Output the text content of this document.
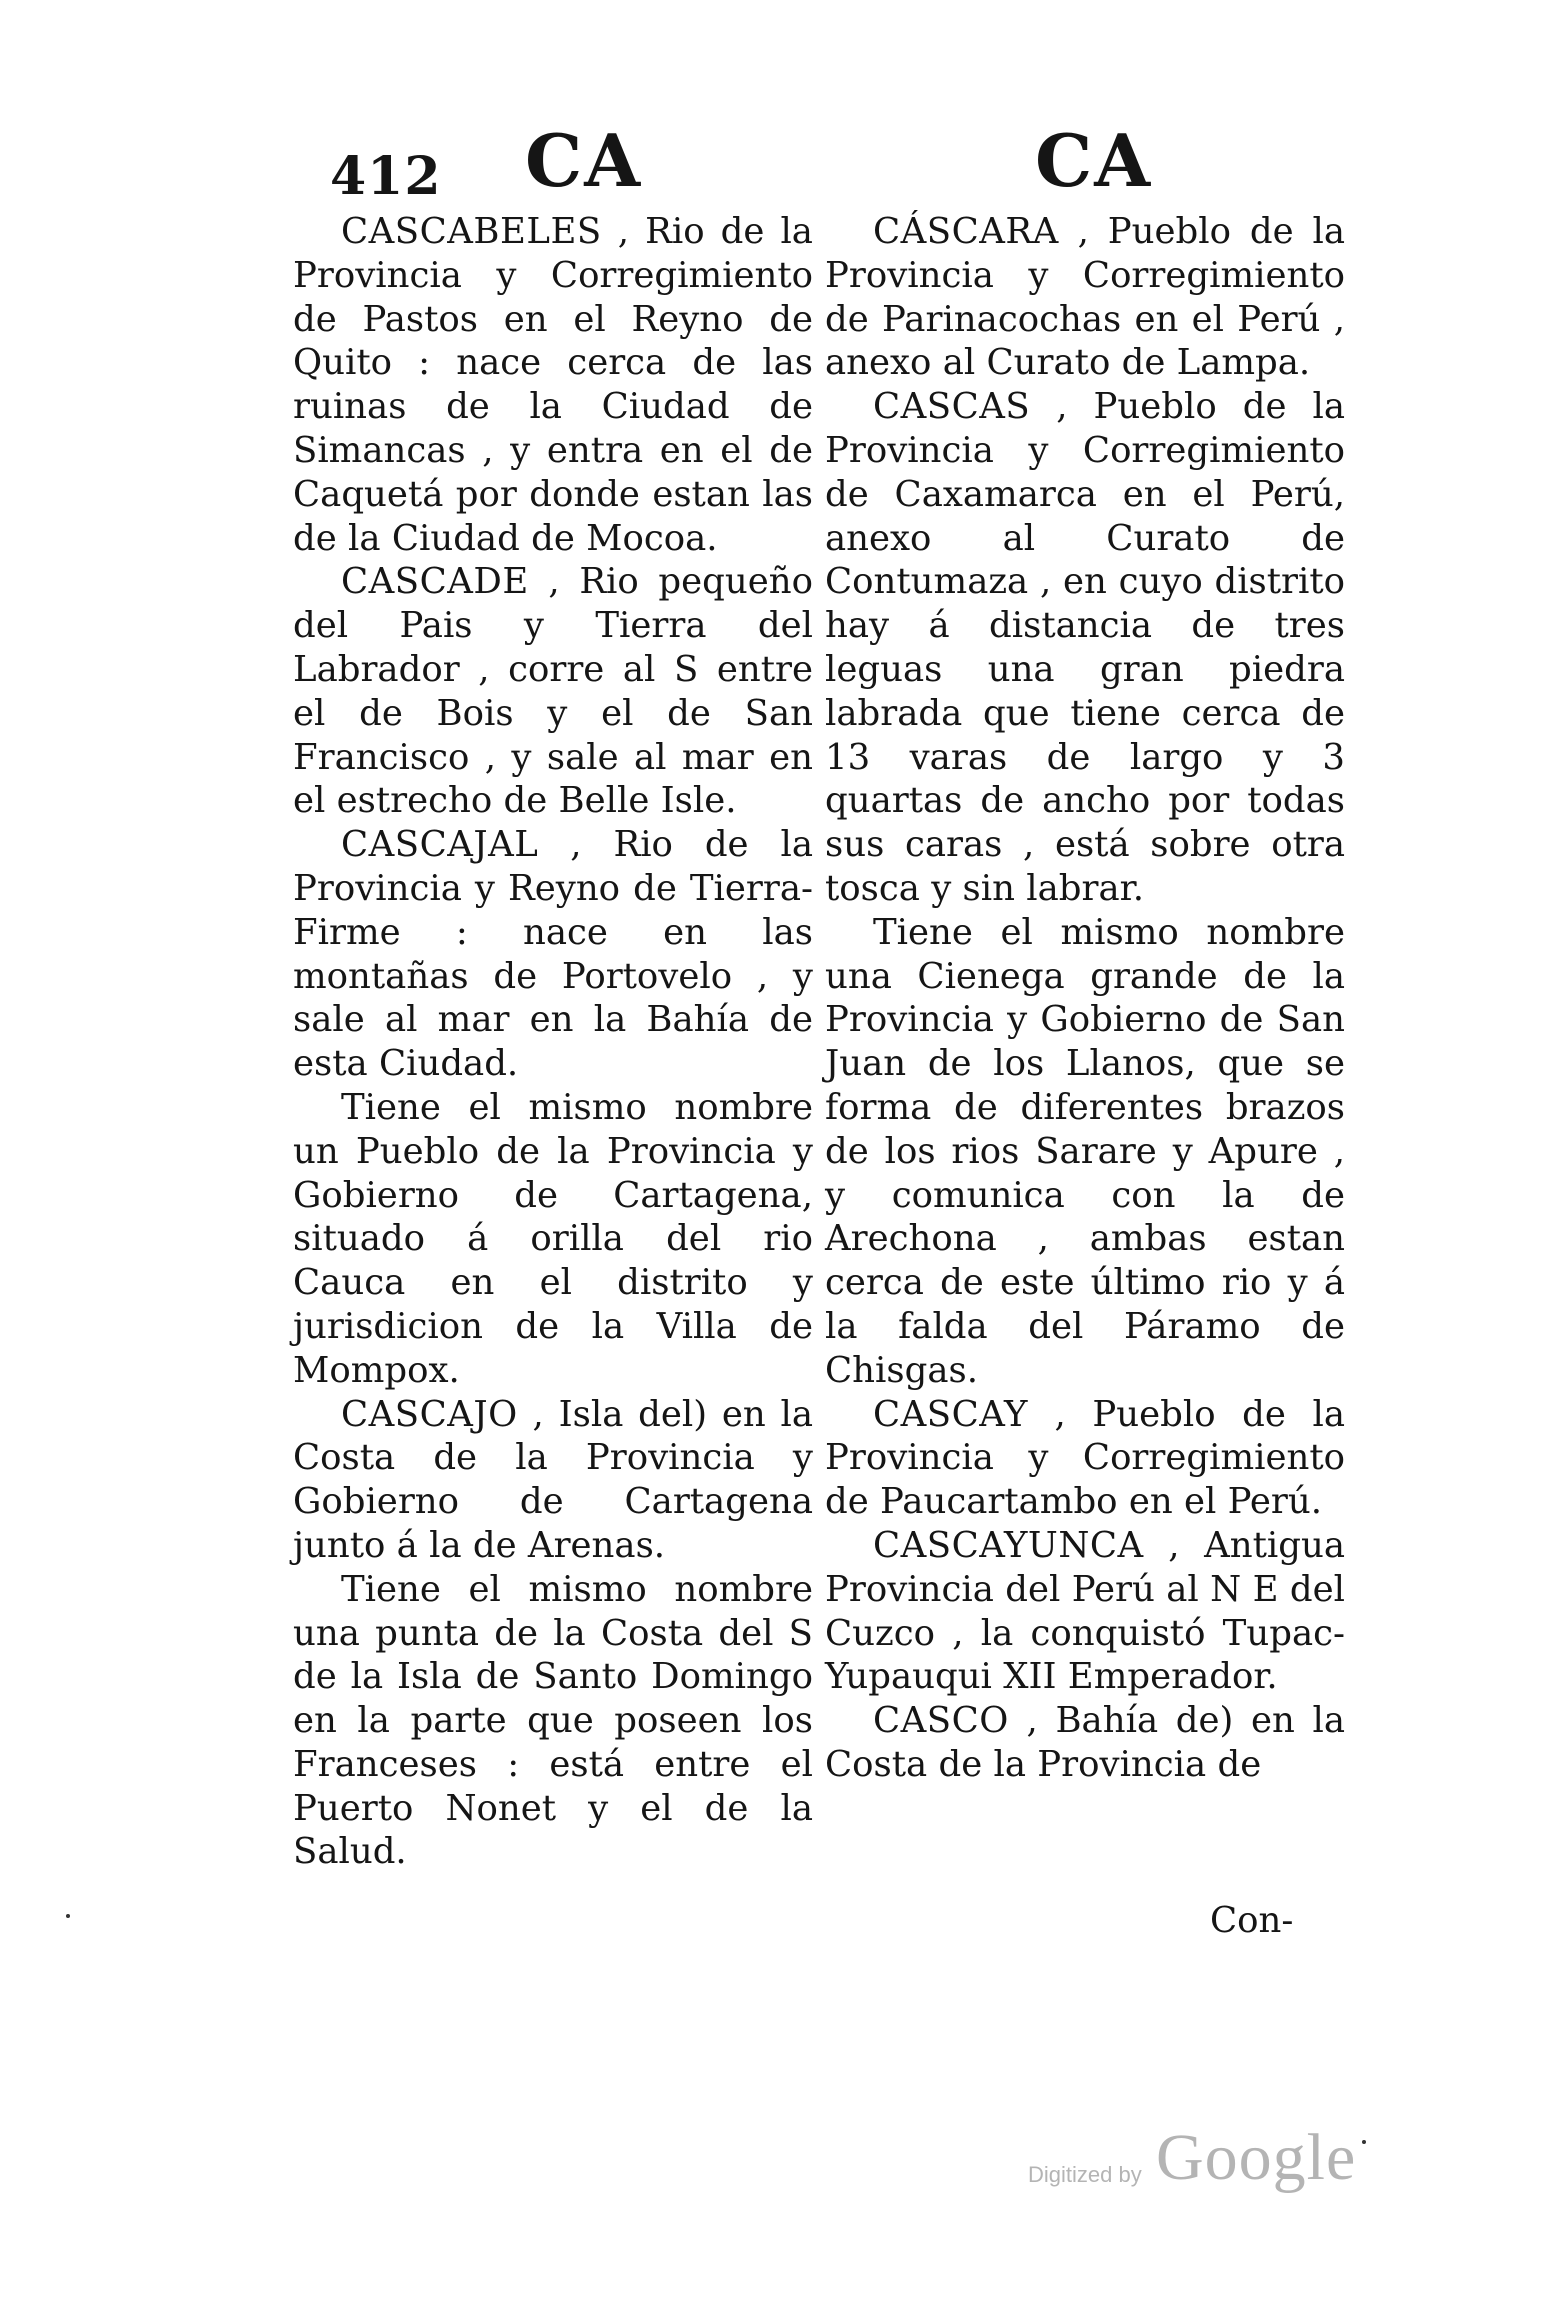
412 CA	CA

CASCABELES , Rio de la Provincia y Corregimiento de Pastos en el Reyno de Quito : nace cerca de las ruinas de la Ciudad de Simancas , y entra en el de Caquetá por donde estan las de la Ciudad de Mocoa.

CASCADE , Rio pequeño del Pais y Tierra del Labrador , corre al S entre el de Bois y el de San Francisco , y sale al mar en el estrecho de Belle Isle.

CASCAJAL , Rio de la Provincia y Reyno de Tierra-Firme : nace en las montañas de Portovelo , y sale al mar en la Bahía de esta Ciudad.

Tiene el mismo nombre un Pueblo de la Provincia y Gobierno de Cartagena, situado á orilla del rio Cauca en el distrito y jurisdicion de la Villa de Mompox.

CASCAJO , Isla del) en la Costa de la Provincia y Gobierno de Cartagena junto á la de Arenas.

Tiene el mismo nombre una punta de la Costa del S de la Isla de Santo Domingo en la parte que poseen los Franceses : está entre el Puerto Nonet y el de la Salud.

CÁSCARA , Pueblo de la Provincia y Corregimiento de Parinacochas en el Perú , anexo al Curato de Lampa.

CASCAS , Pueblo de la Provincia y Corregimiento de Caxamarca en el Perú, anexo al Curato de Contumaza , en cuyo distrito hay á distancia de tres leguas una gran piedra labrada que tiene cerca de 13 varas de largo y 3 quartas de ancho por todas sus caras , está sobre otra tosca y sin labrar.

Tiene el mismo nombre una Cienega grande de la Provincia y Gobierno de San Juan de los Llanos, que se forma de diferentes brazos de los rios Sarare y Apure , y comunica con la de Arechona , ambas estan cerca de este último rio y á la falda del Páramo de Chisgas.

CASCAY , Pueblo de la Provincia y Corregimiento de Paucartambo en el Perú.

CASCAYUNCA , Antigua Provincia del Perú al N E del Cuzco , la conquistó Tupac-Yupauqui XII Emperador.

CASCO , Bahía de) en la Costa de la Provincia de

Con-
Digitized by Google
